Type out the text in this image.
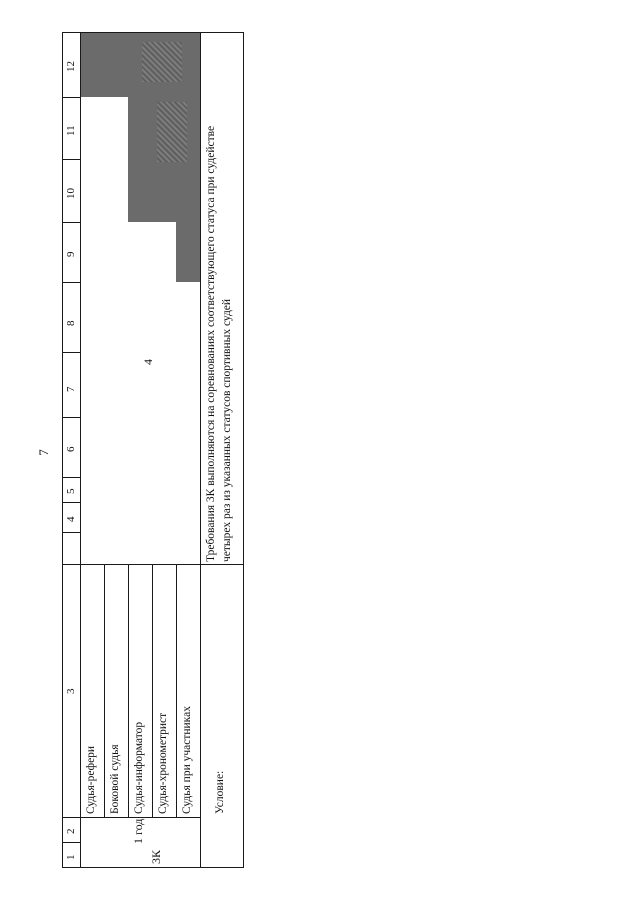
7
12
11
10
9
8
7
6
5
4
3
2
1	3К
1 год
Судья-рефери Боковой судья Судья-информатор Судья-хронометрист Судья при участниках
4
Условие:
Требования 3К выполняются на соревнованиях соответствующего статуса при судействе четырех раз из указанных статусов спортивных судей
